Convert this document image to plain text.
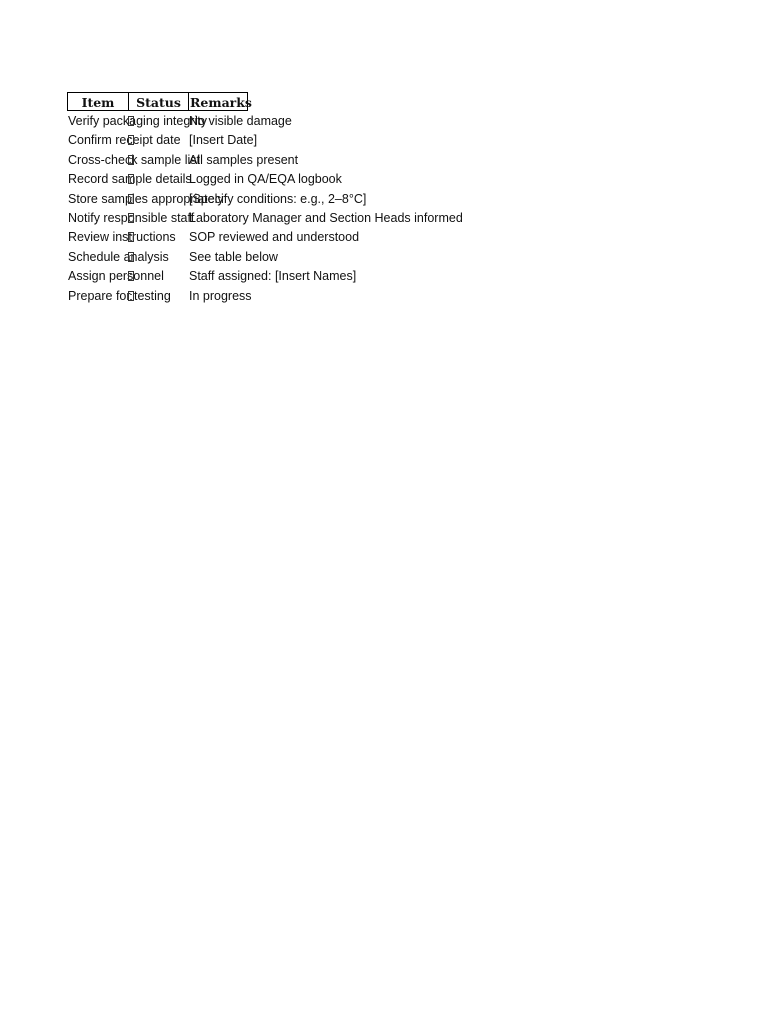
Item	Status Remarks
Verify packaging integrity
No visible damage
Confirm receipt date [Insert Date]
Cross-check sample list
All samples present
Record sample details
Logged in QA/EQA logbook
Store samples appropriately
[Specify conditions: e.g., 2–8°C]
Notify responsible staff
Laboratory Manager and Section Heads informed
Review instructions SOP reviewed and understood
Schedule analysis See table below
Assign personnel Staff assigned: [Insert Names]
Prepare for testing In progress
